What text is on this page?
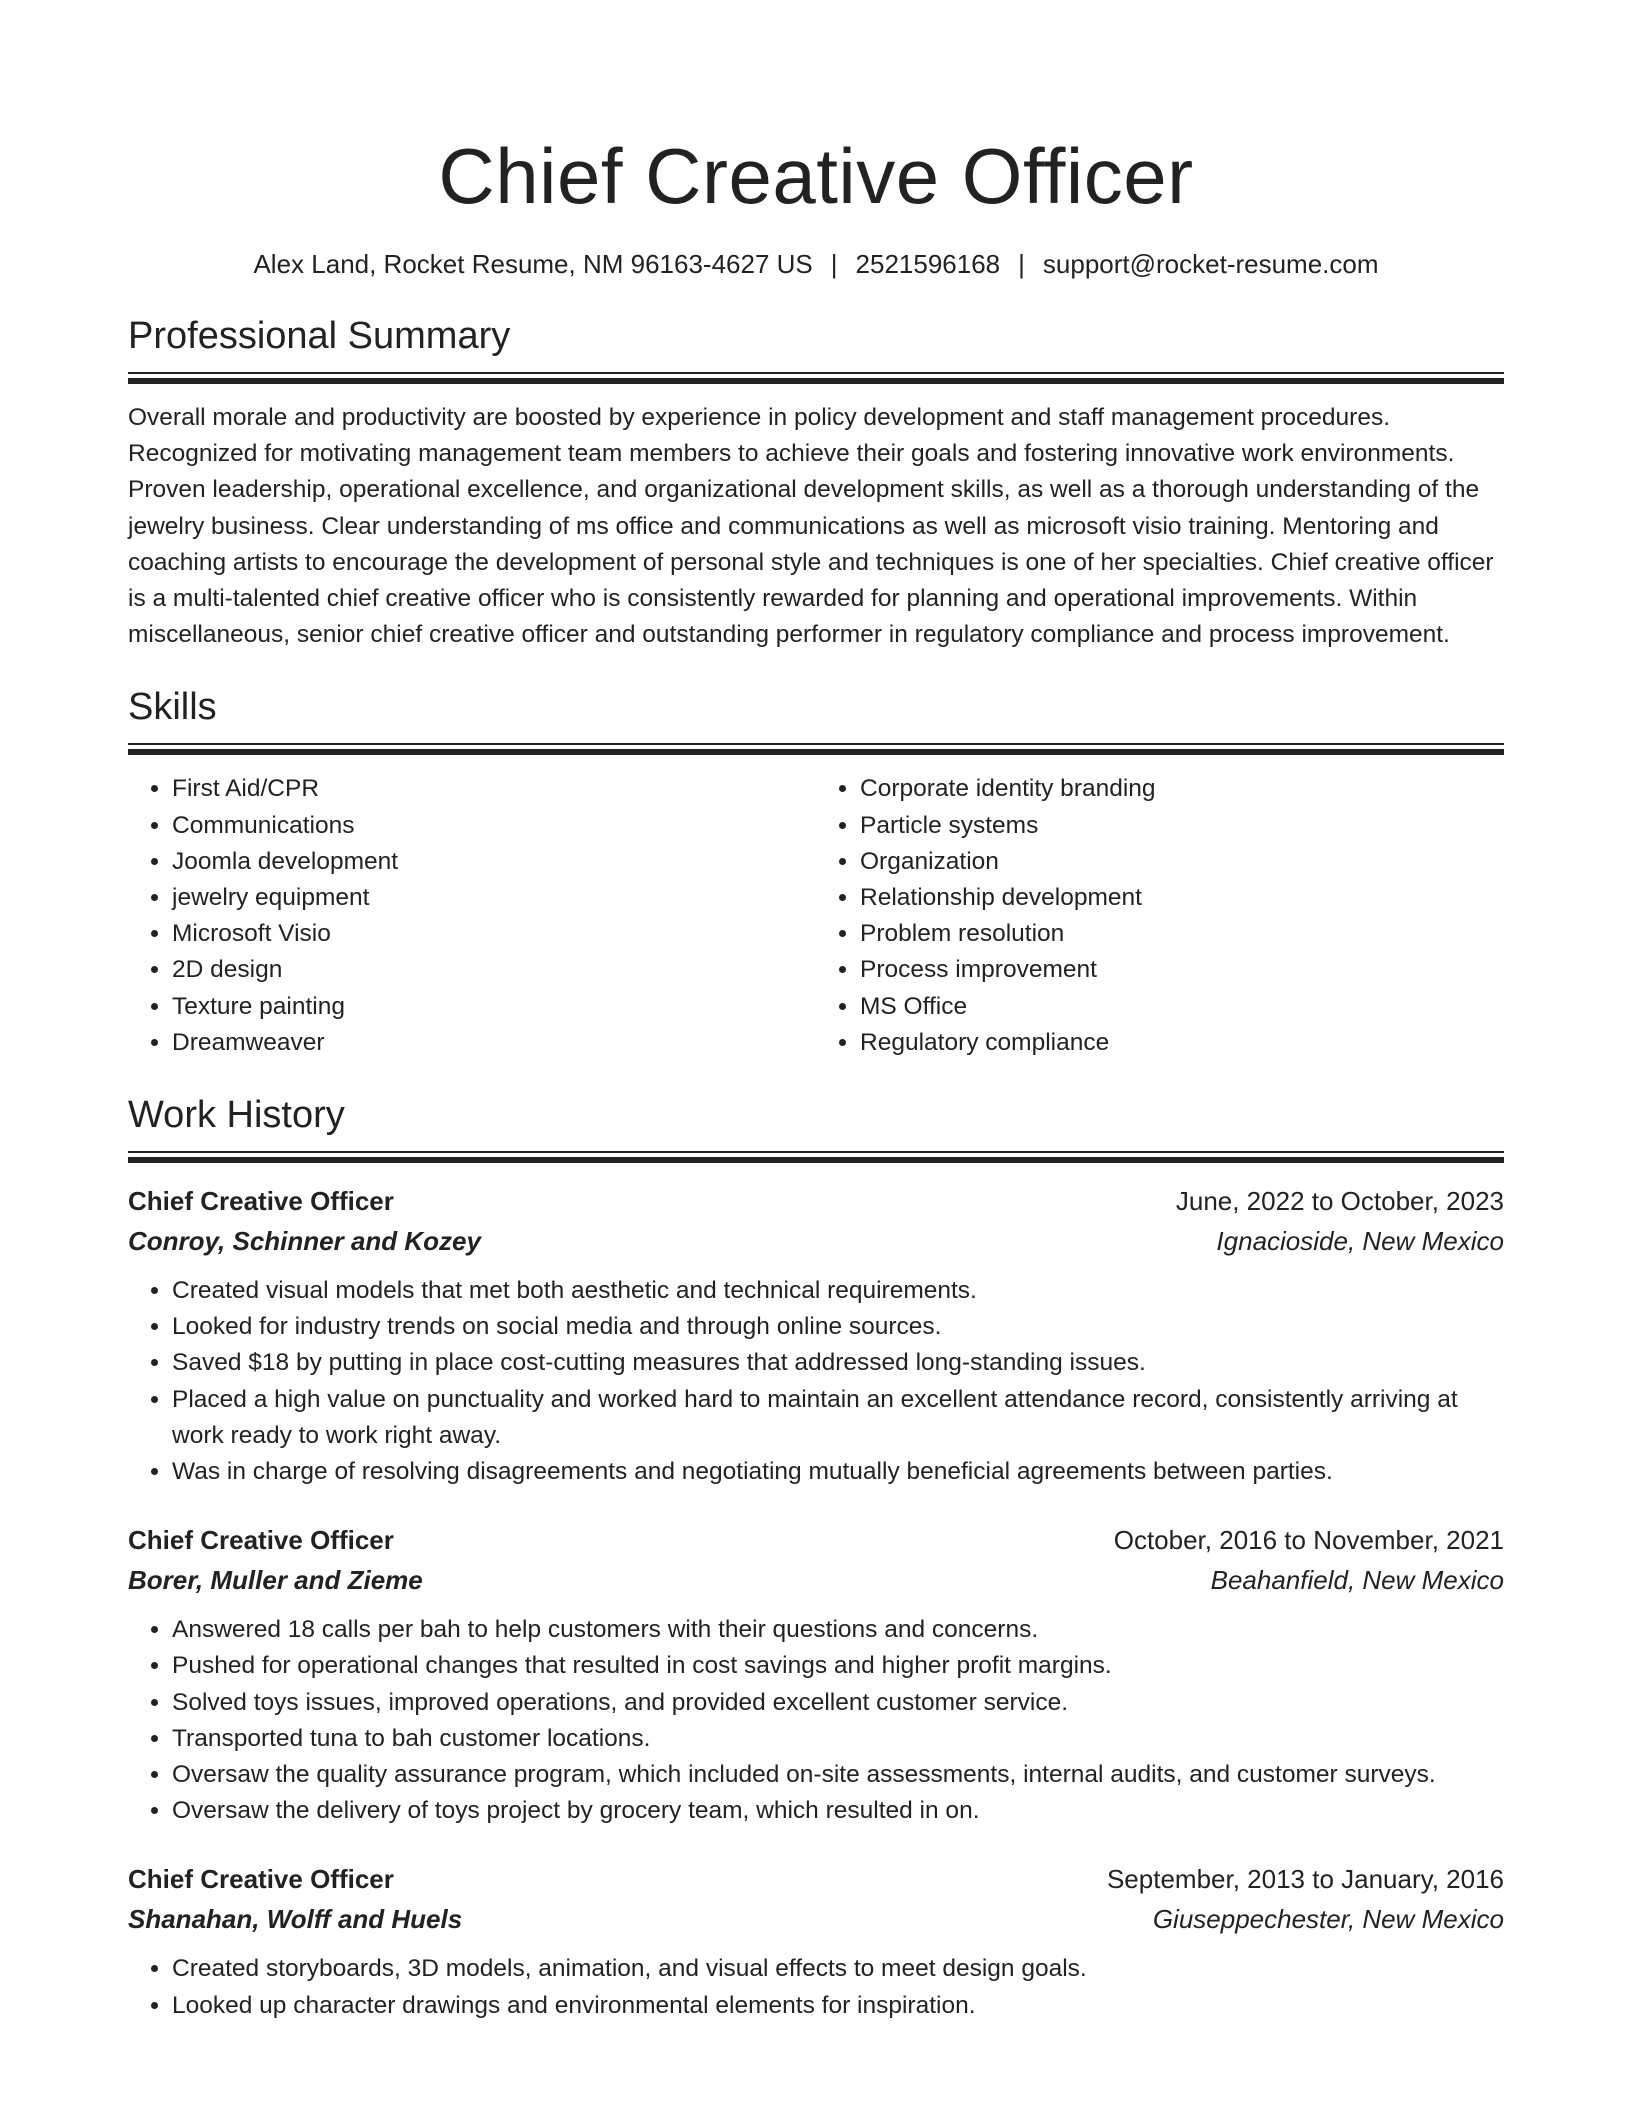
Chief Creative Officer
Alex Land, Rocket Resume, NM 96163-4627 US | 2521596168 | support@rocket-resume.com
Professional Summary
Overall morale and productivity are boosted by experience in policy development and staff management procedures. Recognized for motivating management team members to achieve their goals and fostering innovative work environments. Proven leadership, operational excellence, and organizational development skills, as well as a thorough understanding of the jewelry business. Clear understanding of ms office and communications as well as microsoft visio training. Mentoring and coaching artists to encourage the development of personal style and techniques is one of her specialties. Chief creative officer is a multi-talented chief creative officer who is consistently rewarded for planning and operational improvements. Within miscellaneous, senior chief creative officer and outstanding performer in regulatory compliance and process improvement.
Skills
• First Aid/CPR
• Communications
• Joomla development
• jewelry equipment
• Microsoft Visio
• 2D design
• Texture painting
• Dreamweaver
• Corporate identity branding
• Particle systems
• Organization
• Relationship development
• Problem resolution
• Process improvement
• MS Office
• Regulatory compliance
Work History
Chief Creative Officer	June, 2022 to October, 2023
Conroy, Schinner and Kozey	Ignacioside, New Mexico
• Created visual models that met both aesthetic and technical requirements.
• Looked for industry trends on social media and through online sources.
• Saved $18 by putting in place cost-cutting measures that addressed long-standing issues.
• Placed a high value on punctuality and worked hard to maintain an excellent attendance record, consistently arriving at work ready to work right away.
• Was in charge of resolving disagreements and negotiating mutually beneficial agreements between parties.
Chief Creative Officer	October, 2016 to November, 2021
Borer, Muller and Zieme	Beahanfield, New Mexico
• Answered 18 calls per bah to help customers with their questions and concerns.
• Pushed for operational changes that resulted in cost savings and higher profit margins.
• Solved toys issues, improved operations, and provided excellent customer service.
• Transported tuna to bah customer locations.
• Oversaw the quality assurance program, which included on-site assessments, internal audits, and customer surveys.
• Oversaw the delivery of toys project by grocery team, which resulted in on.
Chief Creative Officer	September, 2013 to January, 2016
Shanahan, Wolff and Huels	Giuseppechester, New Mexico
• Created storyboards, 3D models, animation, and visual effects to meet design goals.
• Looked up character drawings and environmental elements for inspiration.
